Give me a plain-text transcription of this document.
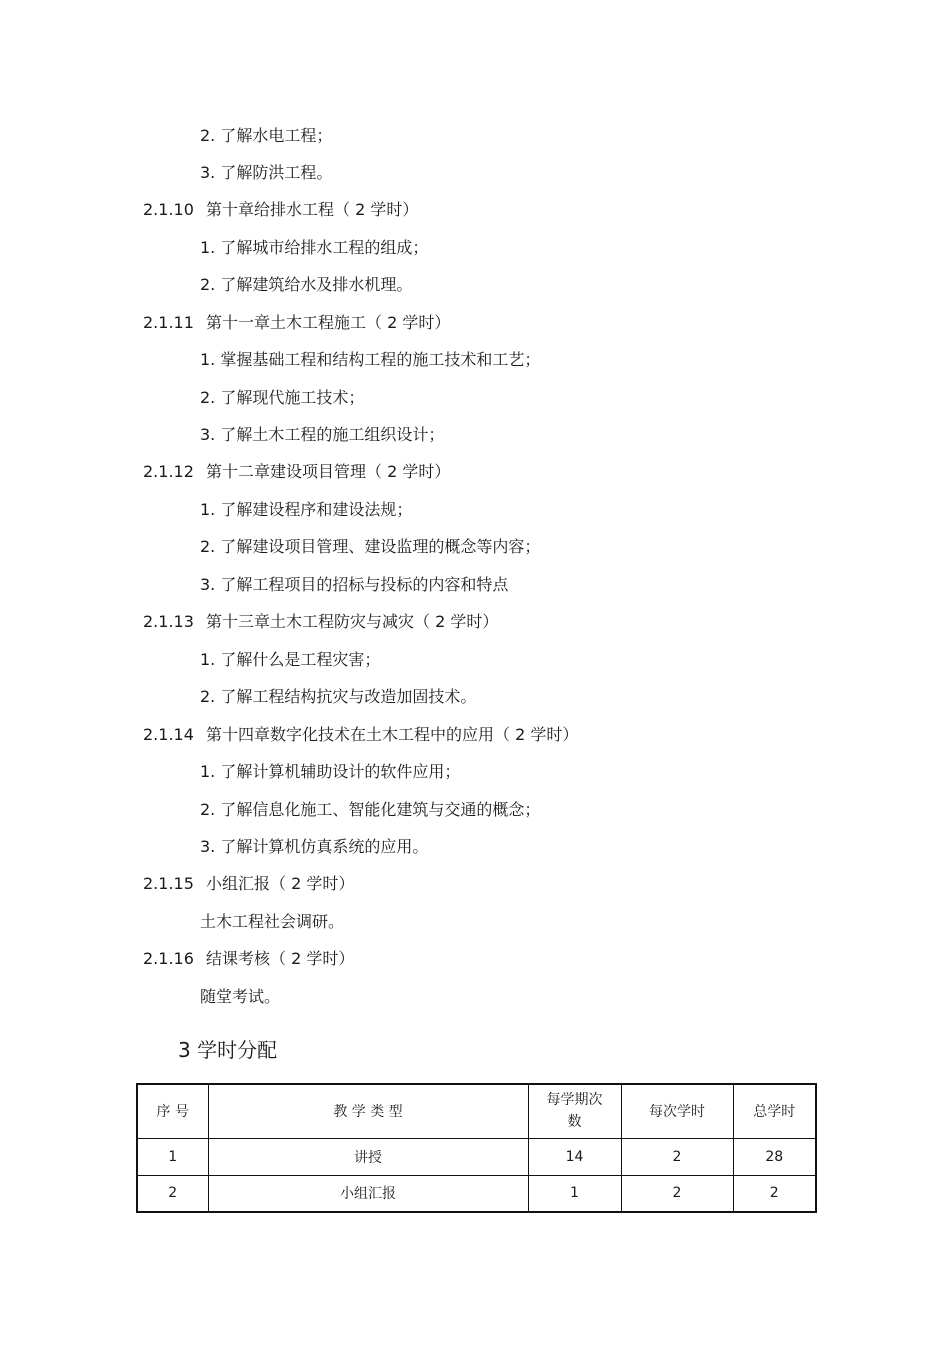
2. 了解水电工程；
3. 了解防洪工程。
2.1.10 第十章给排水工程（ 2 学时）
1. 了解城市给排水工程的组成；
2. 了解建筑给水及排水机理。
2.1.11 第十一章土木工程施工（ 2 学时）
1. 掌握基础工程和结构工程的施工技术和工艺；
2. 了解现代施工技术；
3. 了解土木工程的施工组织设计；
2.1.12 第十二章建设项目管理（ 2 学时）
1. 了解建设程序和建设法规；
2. 了解建设项目管理、建设监理的概念等内容；
3. 了解工程项目的招标与投标的内容和特点
2.1.13 第十三章土木工程防灾与减灾（ 2 学时）
1. 了解什么是工程灾害；
2. 了解工程结构抗灾与改造加固技术。
2.1.14 第十四章数字化技术在土木工程中的应用（ 2 学时）
1. 了解计算机辅助设计的软件应用；
2. 了解信息化施工、智能化建筑与交通的概念；
3. 了解计算机仿真系统的应用。
2.1.15 小组汇报（ 2 学时）
土木工程社会调研。
2.1.16 结课考核（ 2 学时）
随堂考试。
3 学时分配
序 号	教 学 类 型	每学期次数	每次学时	总学时
1	讲授	14	2	28
2	小组汇报	1	2	2
